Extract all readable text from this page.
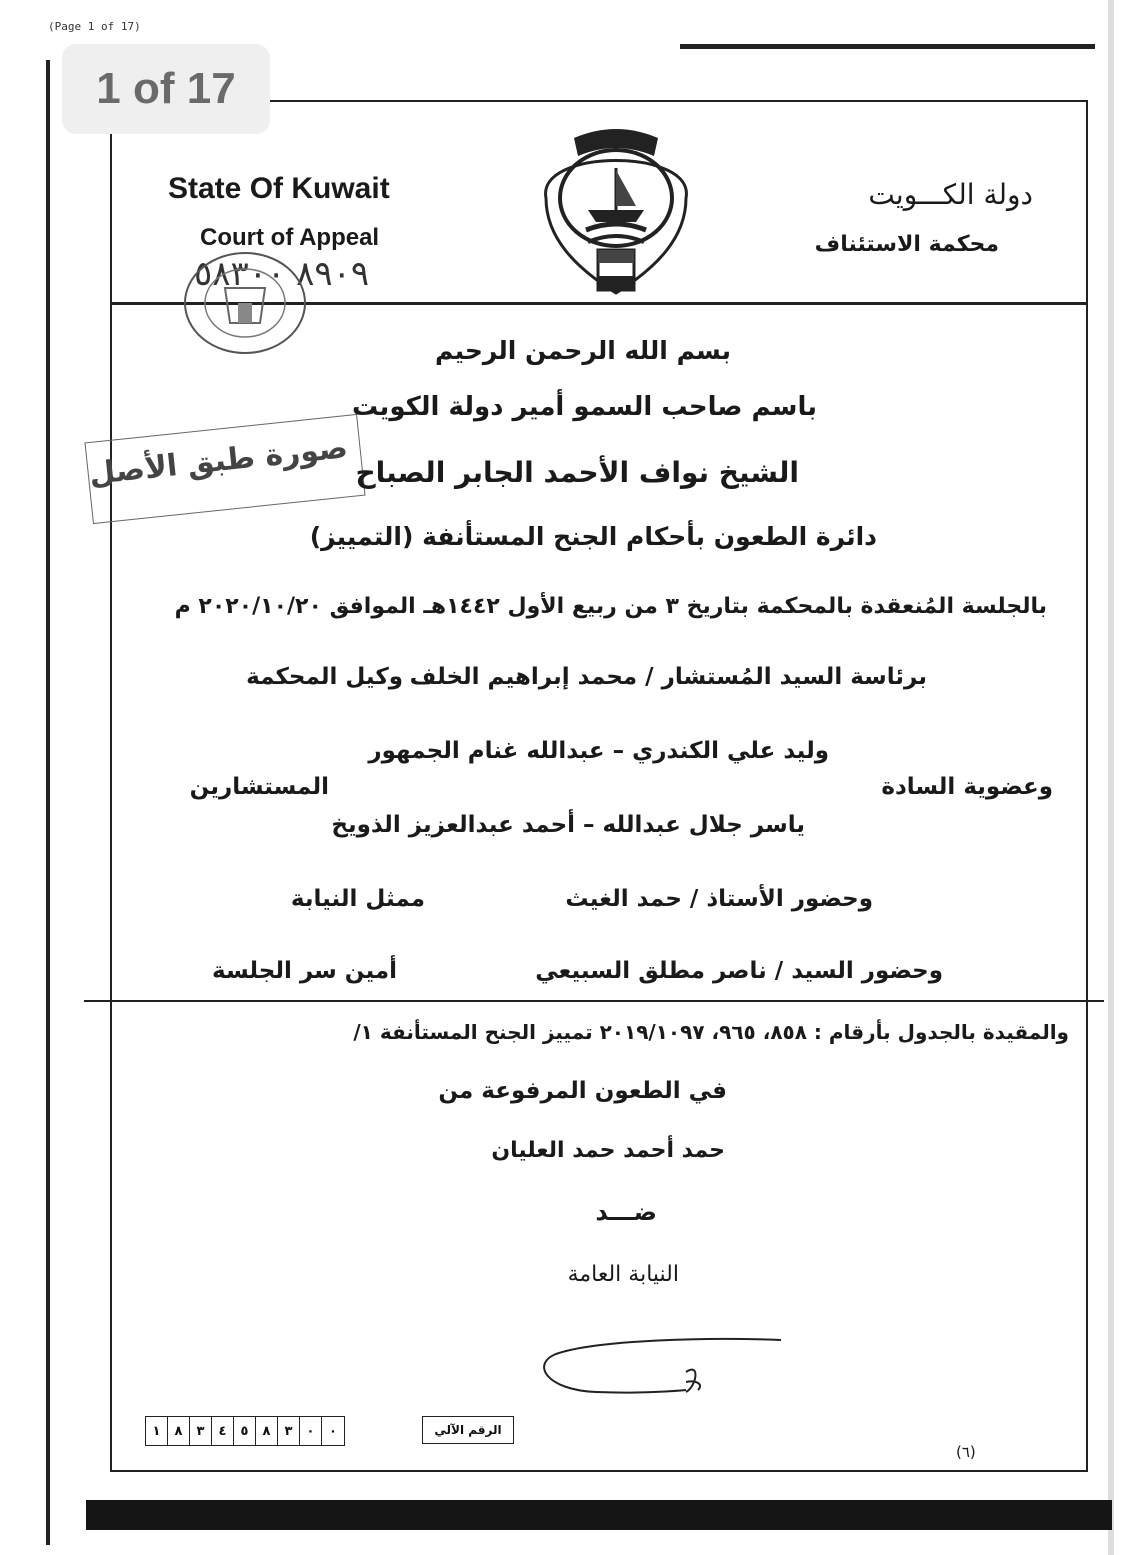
(Page 1 of 17)
1 of 17
State Of Kuwait
Court of Appeal
٨٩٠٩ ٥٨٣٠٠
دولة الكـــويت
محكمة الاستئناف
صورة طبق الأصل
بسم الله الرحمن الرحيم
باسم صاحب السمو أمير دولة الكويت
الشيخ نواف الأحمد الجابر الصباح
دائرة الطعون بأحكام الجنح المستأنفة (التمييز)
بالجلسة المُنعقدة بالمحكمة بتاريخ ٣ من ربيع الأول ١٤٤٢هـ الموافق ٢٠٢٠/١٠/٢٠ م
برئاسة السيد المُستشار / محمد إبراهيم الخلف
وكيل المحكمة
وليد علي الكندري – عبدالله غنام الجمهور
وعضوية السادة
المستشارين
ياسر جلال عبدالله – أحمد عبدالعزيز الذويخ
وحضور الأستاذ / حمد الغيث
ممثل النيابة
وحضور السيد / ناصر مطلق السبيعي
أمين سر الجلسة
والمقيدة بالجدول بأرقام : ٨٥٨، ٩٦٥، ٢٠١٩/١٠٩٧ تمييز الجنح المستأنفة ١/
في الطعون المرفوعة من
حمد أحمد حمد العليان
ضـــد
النيابة العامة
١	٨	٣	٤	٥	٨	٣	٠	٠	الرقم الآلي
(٦)
